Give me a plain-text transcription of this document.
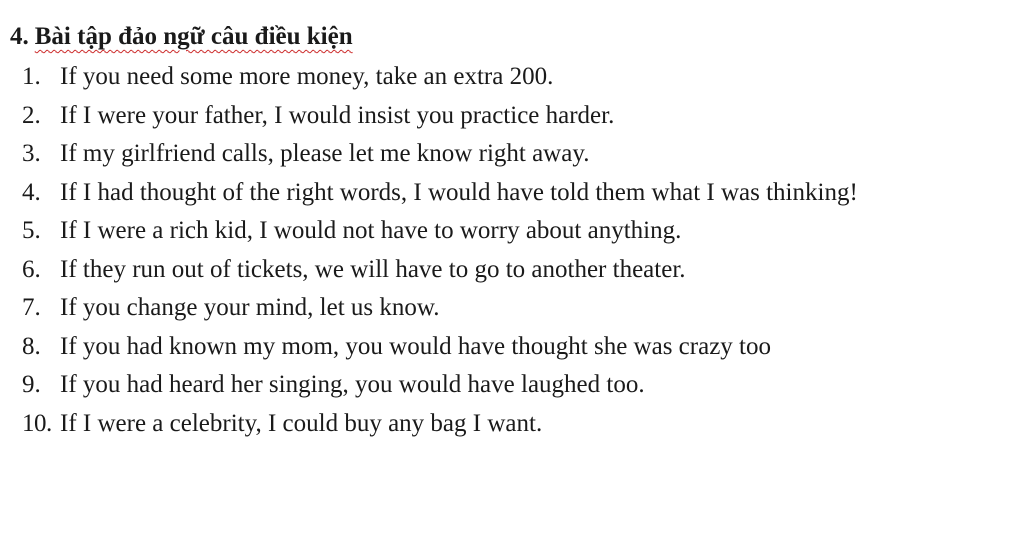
4. Bài tập đảo ngữ câu điều kiện
1. If you need some more money, take an extra 200.
2. If I were your father, I would insist you practice harder.
3. If my girlfriend calls, please let me know right away.
4. If I had thought of the right words, I would have told them what I was thinking!
5. If I were a rich kid, I would not have to worry about anything.
6. If they run out of tickets, we will have to go to another theater.
7. If you change your mind, let us know.
8. If you had known my mom, you would have thought she was crazy too
9. If you had heard her singing, you would have laughed too.
10. If I were a celebrity, I could buy any bag I want.
